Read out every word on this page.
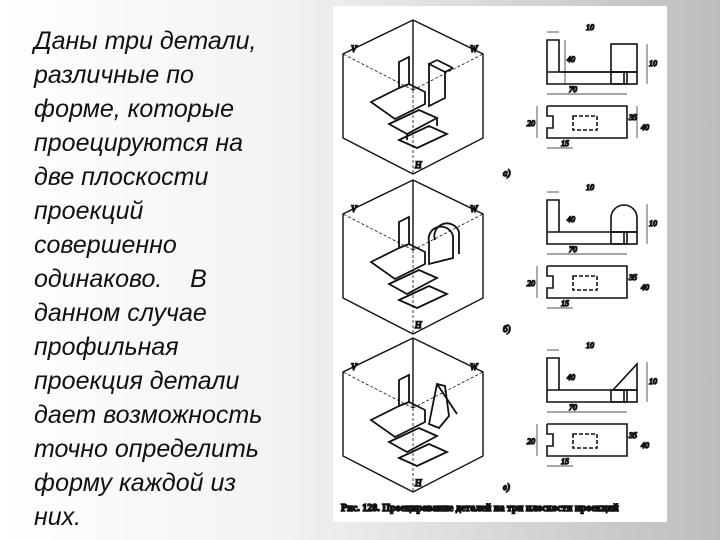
Даны три детали,
различные по
форме, которые
проецируются на
две плоскости
проекций
совершенно
одинаково.    В
данном случае
профильная
проекция детали
дает возможность
точно определить
форму каждой из
них.
V	W
H
10
40
70
10
20
35
40
15
а)
V	W
H
10
40
70
10
20
35
40
15
б)
V	W
H
10
40
70
10
20
35
40
15
в)
Рис. 128. Проецирование деталей на три плоскости проекций
